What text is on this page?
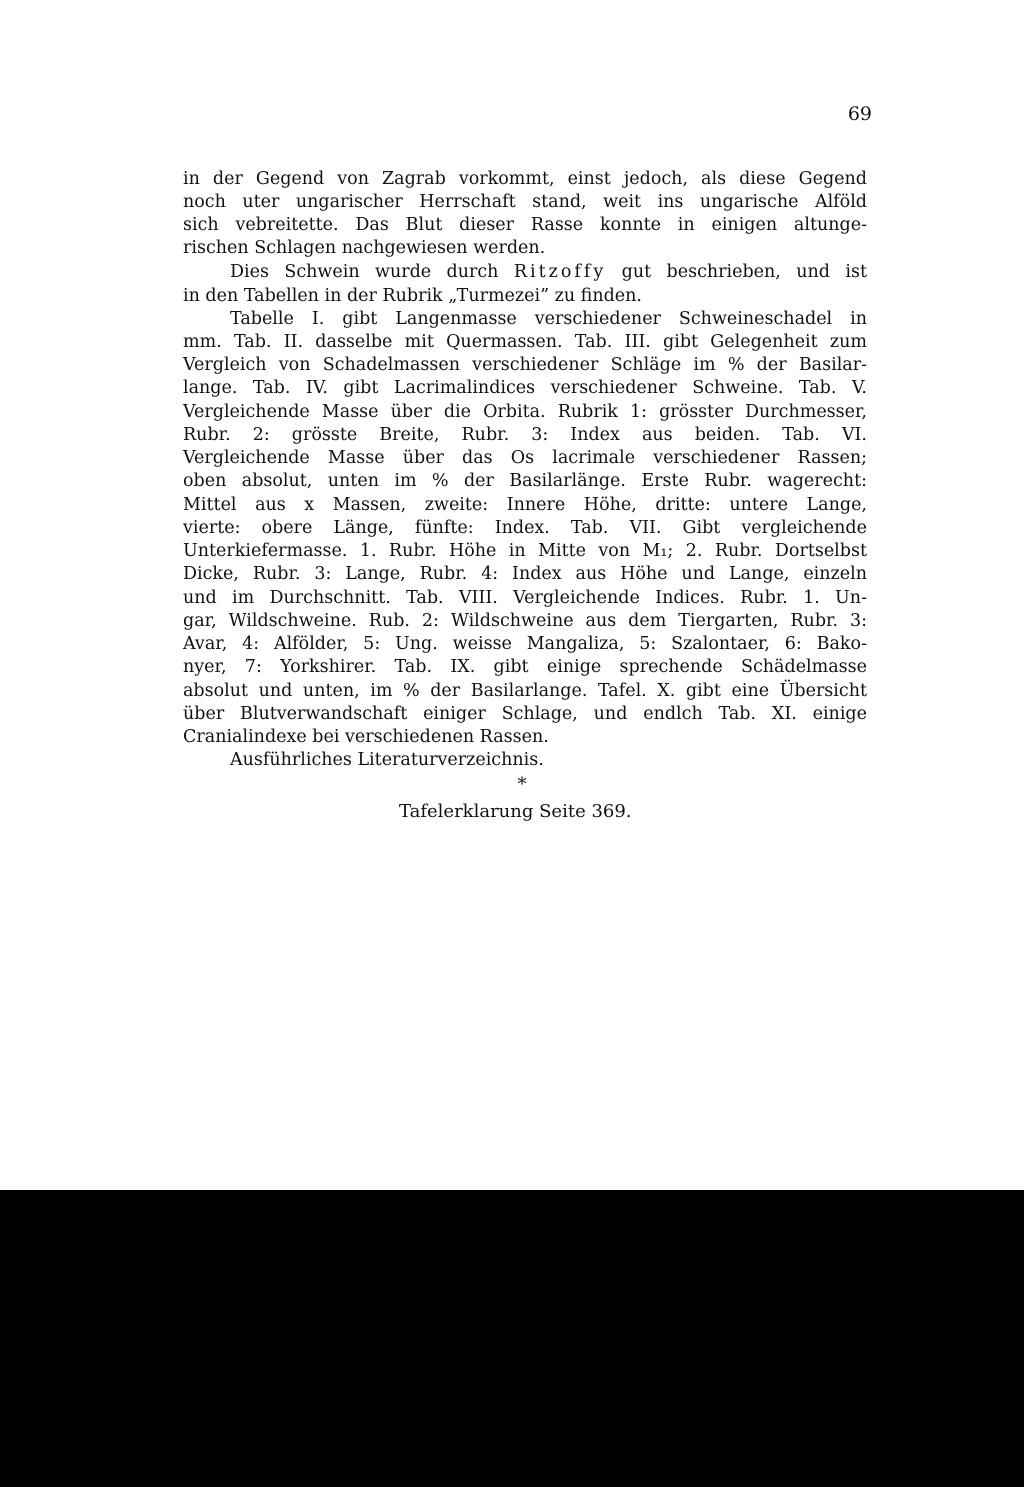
69
in der Gegend von Zagrab vorkommt, einst jedoch, als diese Gegend
noch uter ungarischer Herrschaft stand, weit ins ungarische Alföld
sich vebreitette. Das Blut dieser Rasse konnte in einigen altunge-
rischen Schlagen nachgewiesen werden.
Dies Schwein wurde durch Ritzoffy gut beschrieben, und ist
in den Tabellen in der Rubrik „Turmezei” zu finden.
Tabelle I. gibt Langenmasse verschiedener Schweineschadel in
mm. Tab. II. dasselbe mit Quermassen. Tab. III. gibt Gelegenheit zum
Vergleich von Schadelmassen verschiedener Schläge im % der Basilar-
lange. Tab. IV. gibt Lacrimalindices verschiedener Schweine. Tab. V.
Vergleichende Masse über die Orbita. Rubrik 1: grösster Durchmesser,
Rubr. 2: grösste Breite, Rubr. 3: Index aus beiden. Tab. VI.
Vergleichende Masse über das Os lacrimale verschiedener Rassen;
oben absolut, unten im % der Basilarlänge. Erste Rubr. wagerecht:
Mittel aus x Massen, zweite: Innere Höhe, dritte: untere Lange,
vierte: obere Länge, fünfte: Index. Tab. VII. Gibt vergleichende
Unterkiefermasse. 1. Rubr. Höhe in Mitte von M₁; 2. Rubr. Dortselbst
Dicke, Rubr. 3: Lange, Rubr. 4: Index aus Höhe und Lange, einzeln
und im Durchschnitt. Tab. VIII. Vergleichende Indices. Rubr. 1. Un-
gar, Wildschweine. Rub. 2: Wildschweine aus dem Tiergarten, Rubr. 3:
Avar, 4: Alfölder, 5: Ung. weisse Mangaliza, 5: Szalontaer, 6: Bako-
nyer, 7: Yorkshirer. Tab. IX. gibt einige sprechende Schädelmasse
absolut und unten, im % der Basilarlange. Tafel. X. gibt eine Übersicht
über Blutverwandschaft einiger Schlage, und endlch Tab. XI. einige
Cranialindexe bei verschiedenen Rassen.
Ausführliches Literaturverzeichnis.
*
Tafelerklarung Seite 369.
